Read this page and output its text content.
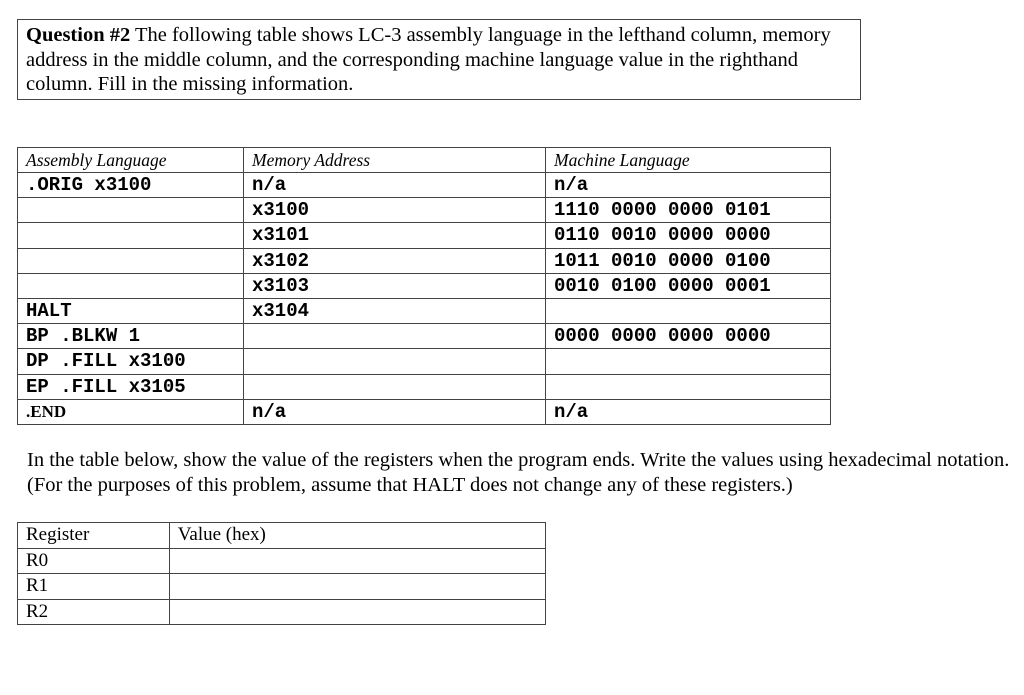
Question #2 The following table shows LC-3 assembly language in the lefthand column, memory address in the middle column, and the corresponding machine language value in the righthand column. Fill in the missing information.
Assembly Language	Memory Address	Machine Language
.ORIG x3100	n/a	n/a
	x3100	1110 0000 0000 0101
	x3101	0110 0010 0000 0000
	x3102	1011 0010 0000 0100
	x3103	0010 0100 0000 0001
HALT	x3104	
BP .BLKW 1		0000 0000 0000 0000
DP .FILL x3100		
EP .FILL x3105		
.END	n/a	n/a
In the table below, show the value of the registers when the program ends. Write the values using hexadecimal notation. (For the purposes of this problem, assume that HALT does not change any of these registers.)
Register	Value (hex)
R0	
R1	
R2	
